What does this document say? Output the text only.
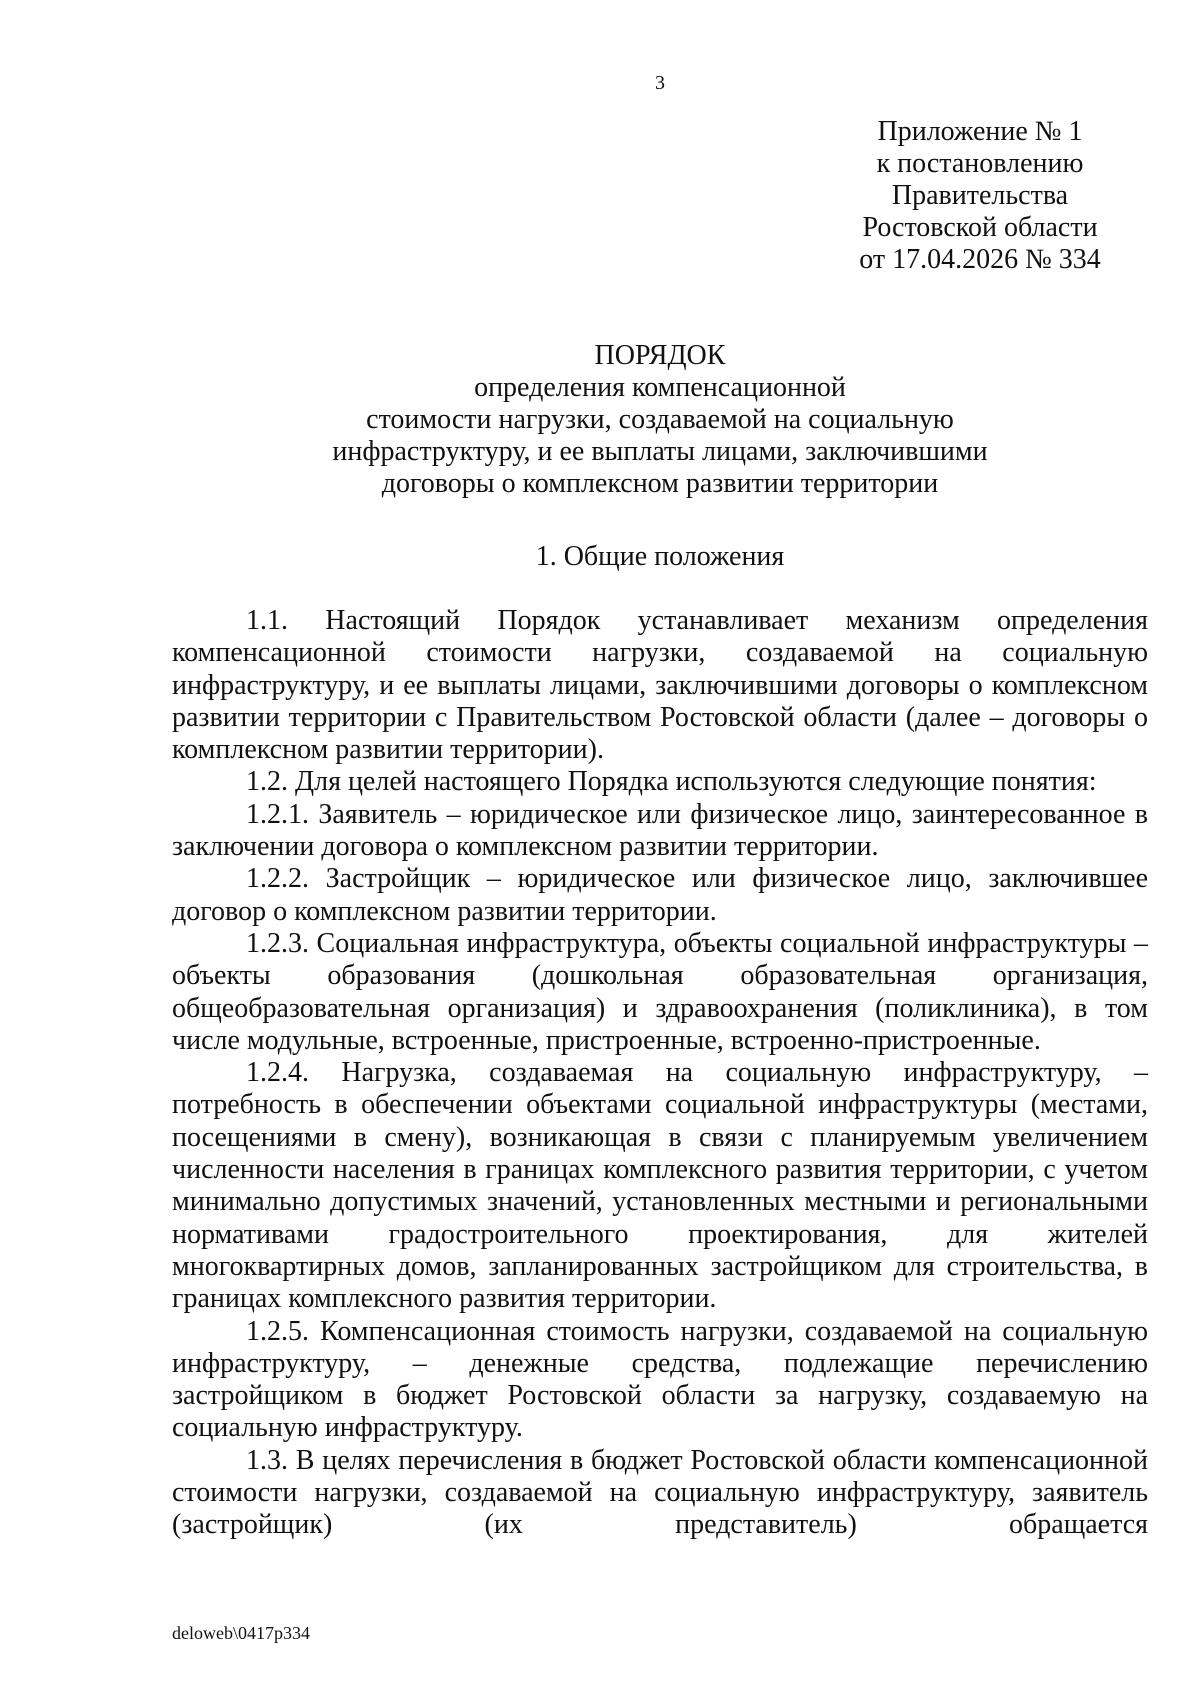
3
Приложение № 1
к постановлению
Правительства
Ростовской области
от 17.04.2026 № 334
ПОРЯДОК
определения компенсационной
стоимости нагрузки, создаваемой на социальную
инфраструктуру, и ее выплаты лицами, заключившими
договоры о комплексном развитии территории
1. Общие положения

1.1. Настоящий Порядок устанавливает механизм определения компенсационной стоимости нагрузки, создаваемой на социальную инфраструктуру, и ее выплаты лицами, заключившими договоры о комплексном развитии территории с Правительством Ростовской области (далее – договоры о комплексном развитии территории).

1.2. Для целей настоящего Порядка используются следующие понятия:

1.2.1. Заявитель – юридическое или физическое лицо, заинтересованное в заключении договора о комплексном развитии территории.

1.2.2. Застройщик – юридическое или физическое лицо, заключившее договор о комплексном развитии территории.

1.2.3. Социальная инфраструктура, объекты социальной инфраструктуры – объекты образования (дошкольная образовательная организация, общеобразовательная организация) и здравоохранения (поликлиника), в том числе модульные, встроенные, пристроенные, встроенно-пристроенные.

1.2.4. Нагрузка, создаваемая на социальную инфраструктуру, – потребность в обеспечении объектами социальной инфраструктуры (местами, посещениями в смену), возникающая в связи с планируемым увеличением численности населения в границах комплексного развития территории, с учетом минимально допустимых значений, установленных местными и региональными нормативами градостроительного проектирования, для жителей многоквартирных домов, запланированных застройщиком для строительства, в границах комплексного развития территории.

1.2.5. Компенсационная стоимость нагрузки, создаваемой на социальную инфраструктуру, – денежные средства, подлежащие перечислению застройщиком в бюджет Ростовской области за нагрузку, создаваемую на социальную инфраструктуру.

1.3. В целях перечисления в бюджет Ростовской области компенсационной стоимости нагрузки, создаваемой на социальную инфраструктуру, заявитель (застройщик) (их представитель) обращается

deloweb\0417p334
